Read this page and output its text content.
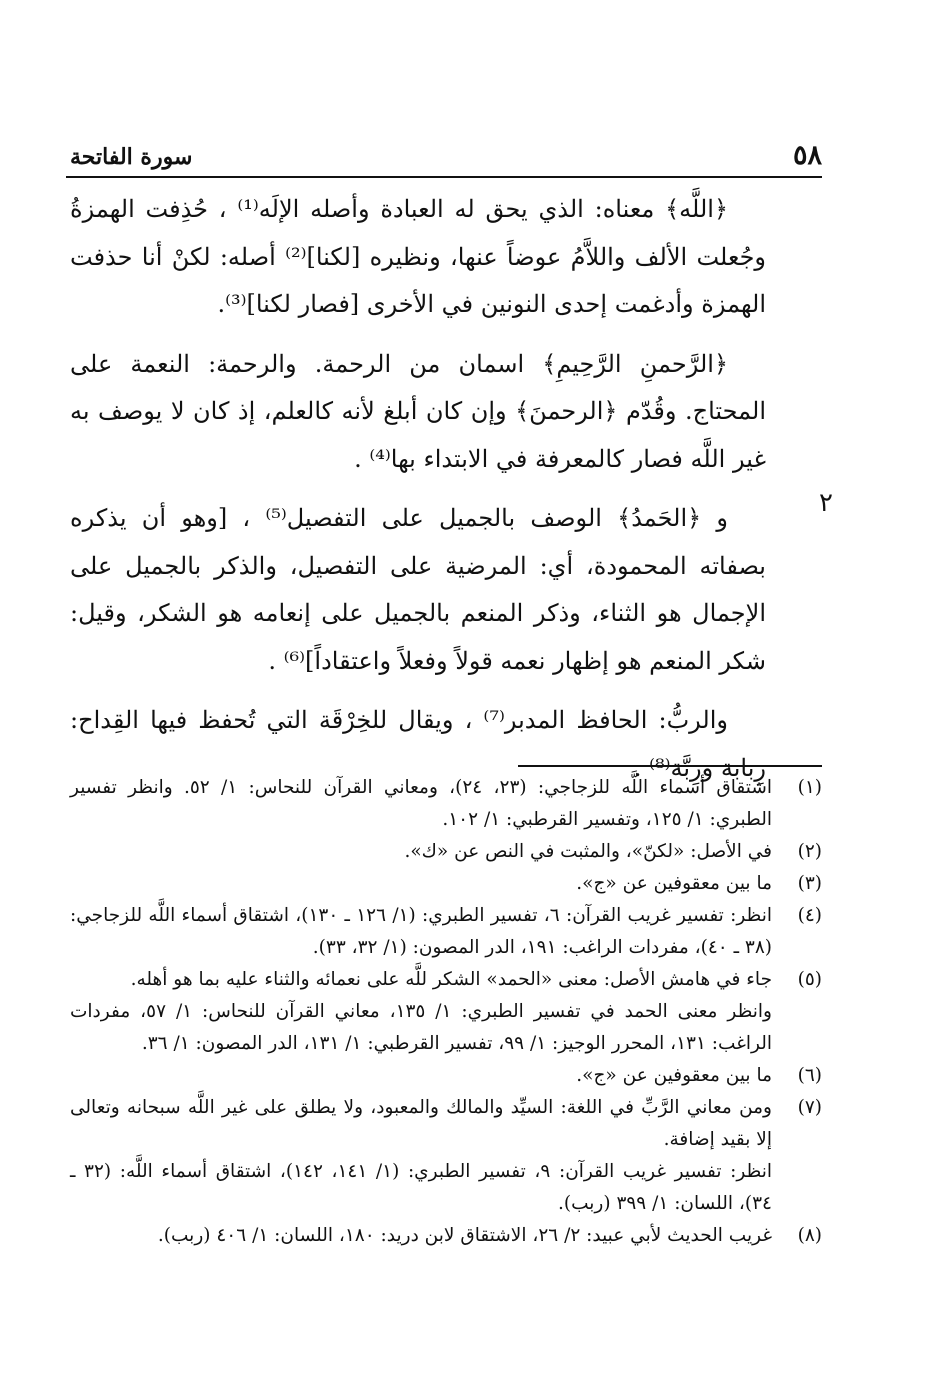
٥٨
سورة الفاتحة
٢

﴿اللَّه﴾ معناه: الذي يحق له العبادة وأصله الإلَه⁽¹⁾ ، حُذِفت الهمزةُ وجُعلت الألف واللاَّمُ عوضاً عنها، ونظيره [لكنا]⁽²⁾ أصله: لكنْ أنا حذفت الهمزة وأدغمت إحدى النونين في الأخرى [فصار لكنا]⁽³⁾.

﴿الرَّحمنِ الرَّحِيمِ﴾ اسمان من الرحمة. والرحمة: النعمة على المحتاج. وقُدّم ﴿الرحمنَ﴾ وإن كان أبلغ لأنه كالعلم، إذ كان لا يوصف به غير اللَّه فصار كالمعرفة في الابتداء بها⁽⁴⁾ .

و ﴿الحَمدُ﴾ الوصف بالجميل على التفصيل⁽⁵⁾ ، [وهو أن يذكره بصفاته المحمودة، أي: المرضية على التفصيل، والذكر بالجميل على الإجمال هو الثناء، وذكر المنعم بالجميل على إنعامه هو الشكر، وقيل: شكر المنعم هو إظهار نعمه قولاً وفعلاً واعتقاداً]⁽⁶⁾ .

والربُّ: الحافظ المدبر⁽⁷⁾ ، ويقال للخِرْقَة التي تُحفظ فيها القِداح: رِبابة ورِبَّة⁽⁸⁾ .

(١)
اشتقاق أسماء اللَّه للزجاجي: (٢٣، ٢٤)، ومعاني القرآن للنحاس: ١/ ٥٢. وانظر تفسير الطبري: ١/ ١٢٥، وتفسير القرطبي: ١/ ١٠٢.
(٢)
في الأصل: «لكنّ»، والمثبت في النص عن «ك».
(٣)
ما بين معقوفين عن «ج».
(٤)
انظر: تفسير غريب القرآن: ٦، تفسير الطبري: (١/ ١٢٦ ـ ١٣٠)، اشتقاق أسماء اللَّه للزجاجي: (٣٨ ـ ٤٠)، مفردات الراغب: ١٩١، الدر المصون: (١/ ٣٢، ٣٣).
(٥)
جاء في هامش الأصل: معنى «الحمد» الشكر للَّه على نعمائه والثناء عليه بما هو أهله.
وانظر معنى الحمد في تفسير الطبري: ١/ ١٣٥، معاني القرآن للنحاس: ١/ ٥٧، مفردات الراغب: ١٣١، المحرر الوجيز: ١/ ٩٩، تفسير القرطبي: ١/ ١٣١، الدر المصون: ١/ ٣٦.
(٦)
ما بين معقوفين عن «ج».
(٧)
ومن معاني الرَّبِّ في اللغة: السيِّد والمالك والمعبود، ولا يطلق على غير اللَّه سبحانه وتعالى إلا بقيد إضافة.
انظر: تفسير غريب القرآن: ٩، تفسير الطبري: (١/ ١٤١، ١٤٢)، اشتقاق أسماء اللَّه: (٣٢ ـ ٣٤)، اللسان: ١/ ٣٩٩ (ربب).
(٨)
غريب الحديث لأبي عبيد: ٢/ ٢٦، الاشتقاق لابن دريد: ١٨٠، اللسان: ١/ ٤٠٦ (ربب).
